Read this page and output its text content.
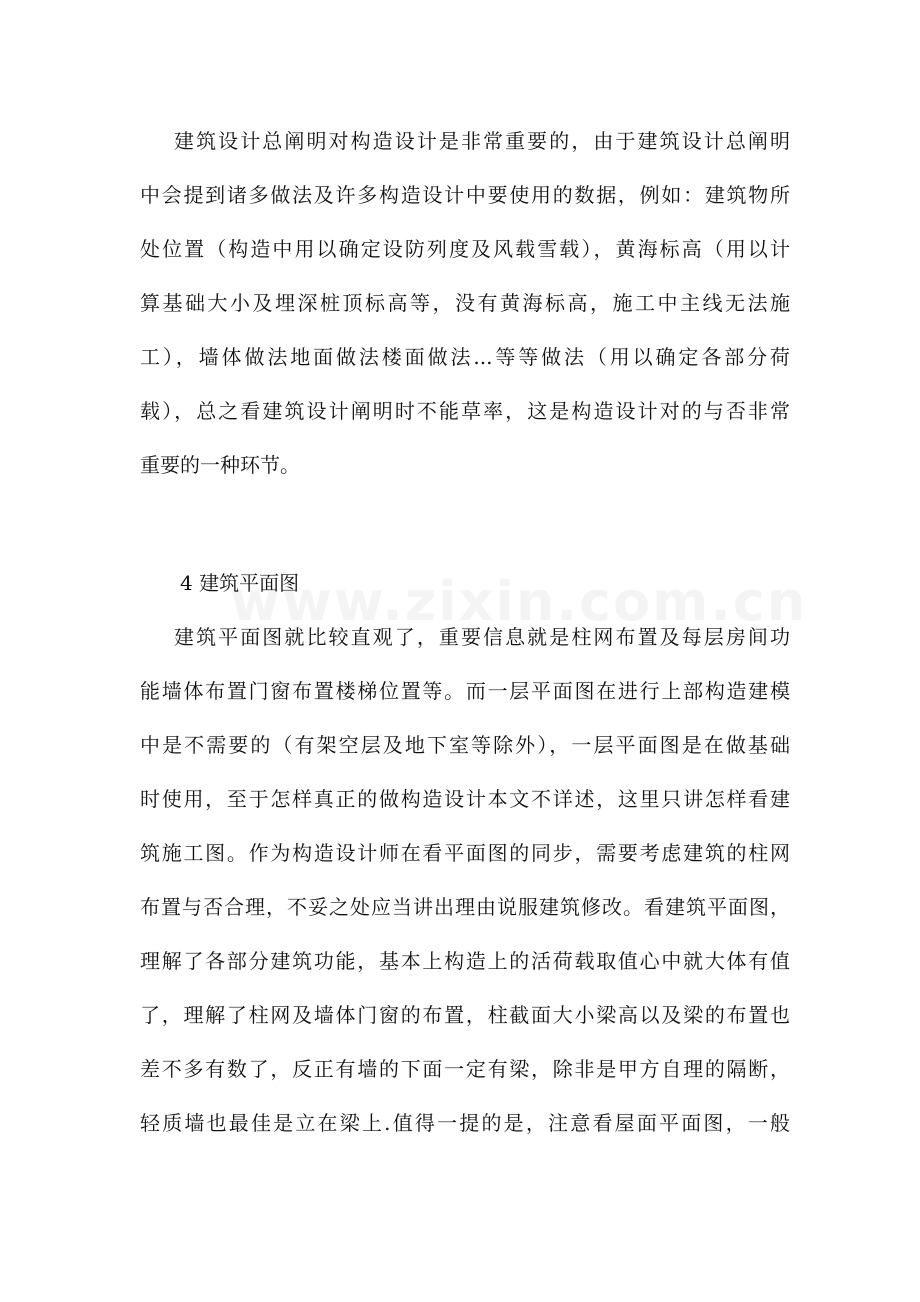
建筑设计总阐明对构造设计是非常重要的，由于建筑设计总阐明
中会提到诸多做法及许多构造设计中要使用的数据，例如：建筑物所
处位置（构造中用以确定设防列度及风载雪载），黄海标高（用以计
算基础大小及埋深桩顶标高等，没有黄海标高，施工中主线无法施
工），墙体做法地面做法楼面做法...等等做法（用以确定各部分荷
载），总之看建筑设计阐明时不能草率，这是构造设计对的与否非常
重要的一种环节。
4 建筑平面图
建筑平面图就比较直观了，重要信息就是柱网布置及每层房间功
能墙体布置门窗布置楼梯位置等。而一层平面图在进行上部构造建模
中是不需要的（有架空层及地下室等除外），一层平面图是在做基础
时使用，至于怎样真正的做构造设计本文不详述，这里只讲怎样看建
筑施工图。作为构造设计师在看平面图的同步，需要考虑建筑的柱网
布置与否合理，不妥之处应当讲出理由说服建筑修改。看建筑平面图，
理解了各部分建筑功能，基本上构造上的活荷载取值心中就大体有值
了，理解了柱网及墙体门窗的布置，柱截面大小梁高以及梁的布置也
差不多有数了，反正有墙的下面一定有梁，除非是甲方自理的隔断，
轻质墙也最佳是立在梁上.值得一提的是，注意看屋面平面图，一般
